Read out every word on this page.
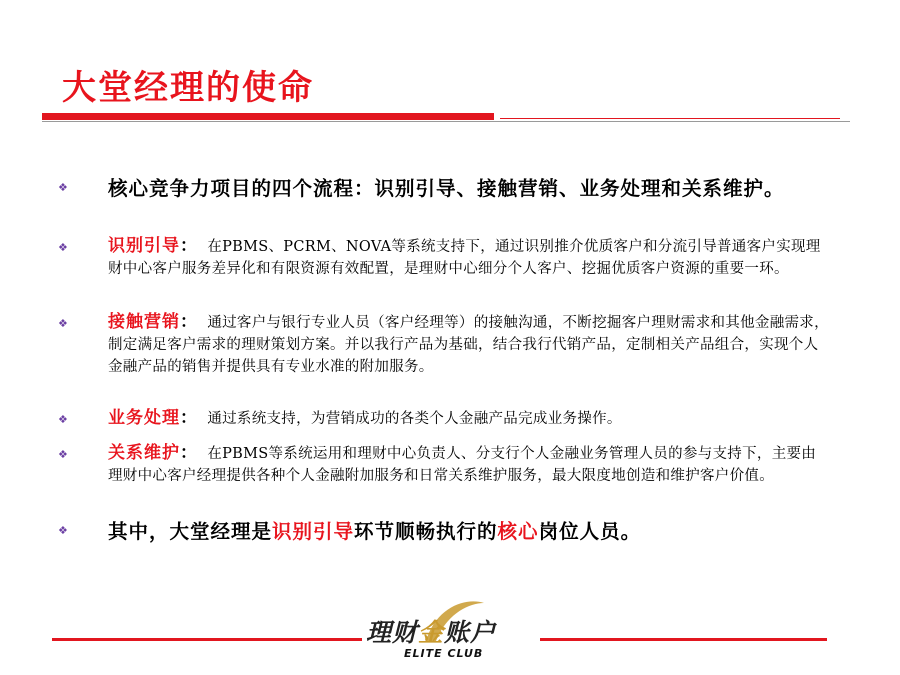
大堂经理的使命
❖ 核心竞争力项目的四个流程：识别引导、接触营销、业务处理和关系维护。
❖ 识别引导： 在PBMS、PCRM、NOVA等系统支持下，通过识别推介优质客户和分流引导普通客户实现理财中心客户服务差异化和有限资源有效配置，是理财中心细分个人客户、挖掘优质客户资源的重要一环。
❖ 接触营销： 通过客户与银行专业人员（客户经理等）的接触沟通，不断挖掘客户理财需求和其他金融需求，制定满足客户需求的理财策划方案。并以我行产品为基础，结合我行代销产品，定制相关产品组合，实现个人金融产品的销售并提供具有专业水准的附加服务。
❖ 业务处理： 通过系统支持，为营销成功的各类个人金融产品完成业务操作。
❖ 关系维护： 在PBMS等系统运用和理财中心负责人、分支行个人金融业务管理人员的参与支持下，主要由理财中心客户经理提供各种个人金融附加服务和日常关系维护服务，最大限度地创造和维护客户价值。
❖ 其中，大堂经理是识别引导环节顺畅执行的核心岗位人员。
理财金账户
ELITE CLUB
